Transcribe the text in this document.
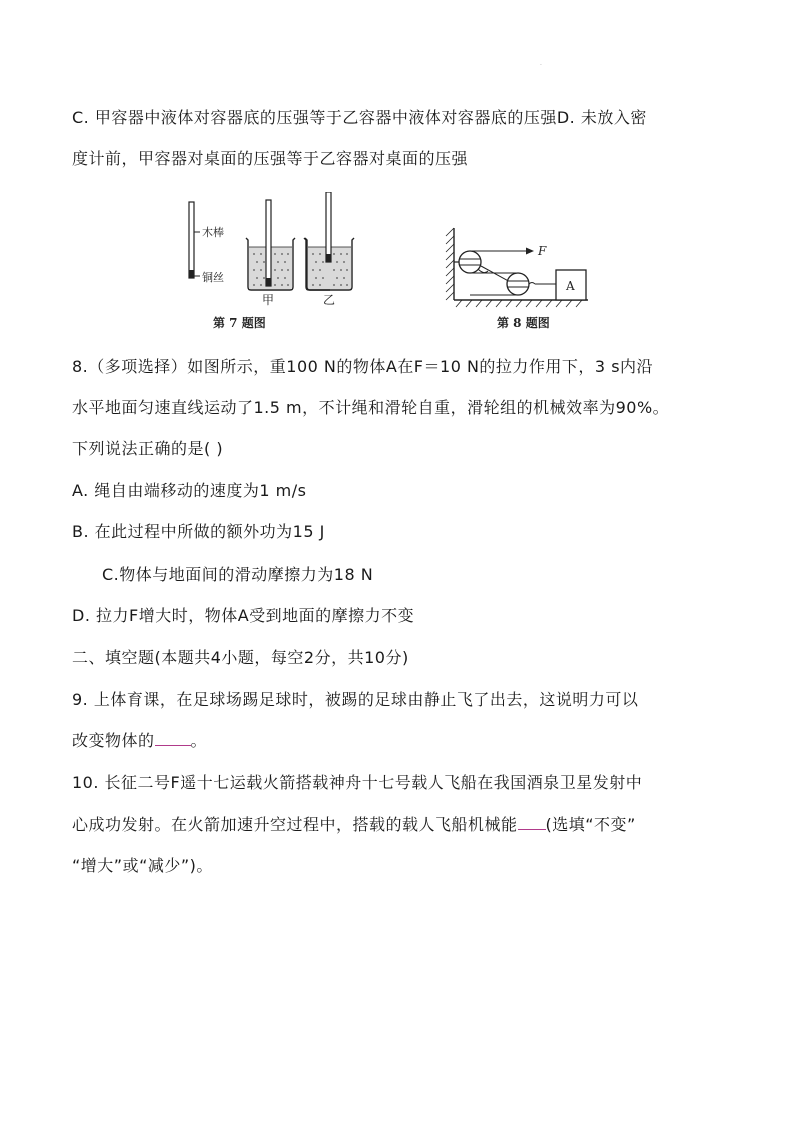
·
C. 甲容器中液体对容器底的压强等于乙容器中液体对容器底的压强D. 未放入密
度计前，甲容器对桌面的压强等于乙容器对桌面的压强
木棒
铜丝
甲	乙
第 7 题图
F
A
第 8 题图
8.（多项选择）如图所示，重100 N的物体A在F＝10 N的拉力作用下，3 s内沿
水平地面匀速直线运动了1.5 m，不计绳和滑轮自重，滑轮组的机械效率为90%。
下列说法正确的是( )
A. 绳自由端移动的速度为1 m/s
B. 在此过程中所做的额外功为15 J
C.物体与地面间的滑动摩擦力为18 N
D. 拉力F增大时，物体A受到地面的摩擦力不变
二、填空题(本题共4小题，每空2分，共10分)
9. 上体育课，在足球场踢足球时，被踢的足球由静止飞了出去，这说明力可以
改变物体的 。
10. 长征二号F遥十七运载火箭搭载神舟十七号载人飞船在我国酒泉卫星发射中
心成功发射。在火箭加速升空过程中，搭载的载人飞船机械能 (选填“不变”
“增大”或“减少”)。
